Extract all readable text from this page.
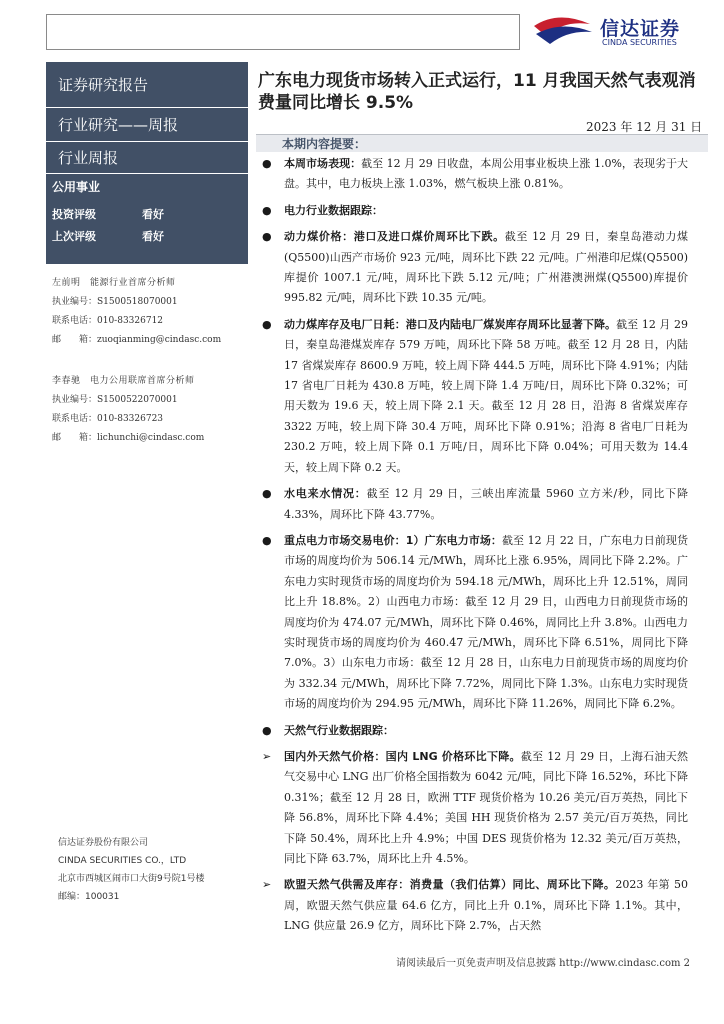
信达证券
CINDA SECURITIES
证券研究报告
行业研究——周报
行业周报
公用事业
投资评级	看好
上次评级	看好
左前明　能源行业首席分析师
执业编号：S1500518070001
联系电话：010-83326712
邮　　箱： zuoqianming@cindasc.com
李春驰　电力公用联席首席分析师
执业编号：S1500522070001
联系电话：010-83326723
邮　　箱： lichunchi@cindasc.com
信达证券股份有限公司
CINDA SECURITIES CO.，LTD
北京市西城区闹市口大街9号院1号楼
邮编：100031
广东电力现货市场转入正式运行，11 月我国天然气表观消费量同比增长 9.5%
2023 年 12 月 31 日
本期内容提要：
● 本周市场表现：截至 12 月 29 日收盘，本周公用事业板块上涨 1.0%，表现劣于大盘。其中，电力板块上涨 1.03%，燃气板块上涨 0.81%。
● 电力行业数据跟踪：
● 动力煤价格：港口及进口煤价周环比下跌。截至 12 月 29 日，秦皇岛港动力煤(Q5500)山西产市场价 923 元/吨，周环比下跌 22 元/吨。广州港印尼煤(Q5500)库提价 1007.1 元/吨，周环比下跌 5.12 元/吨；广州港澳洲煤(Q5500)库提价 995.82 元/吨，周环比下跌 10.35 元/吨。
● 动力煤库存及电厂日耗：港口及内陆电厂煤炭库存周环比显著下降。截至 12 月 29 日，秦皇岛港煤炭库存 579 万吨，周环比下降 58 万吨。截至 12 月 28 日，内陆 17 省煤炭库存 8600.9 万吨，较上周下降 444.5 万吨，周环比下降 4.91%；内陆 17 省电厂日耗为 430.8 万吨，较上周下降 1.4 万吨/日，周环比下降 0.32%；可用天数为 19.6 天，较上周下降 2.1 天。截至 12 月 28 日，沿海 8 省煤炭库存 3322 万吨，较上周下降 30.4 万吨，周环比下降 0.91%；沿海 8 省电厂日耗为 230.2 万吨，较上周下降 0.1 万吨/日，周环比下降 0.04%；可用天数为 14.4 天，较上周下降 0.2 天。
● 水电来水情况：截至 12 月 29 日，三峡出库流量 5960 立方米/秒，同比下降 4.33%，周环比下降 43.77%。
● 重点电力市场交易电价：1）广东电力市场：截至 12 月 22 日，广东电力日前现货市场的周度均价为 506.14 元/MWh，周环比上涨 6.95%，周同比下降 2.2%。广东电力实时现货市场的周度均价为 594.18 元/MWh，周环比上升 12.51%，周同比上升 18.8%。2）山西电力市场：截至 12 月 29 日，山西电力日前现货市场的周度均价为 474.07 元/MWh，周环比下降 0.46%，周同比上升 3.8%。山西电力实时现货市场的周度均价为 460.47 元/MWh，周环比下降 6.51%，周同比下降 7.0%。3）山东电力市场：截至 12 月 28 日，山东电力日前现货市场的周度均价为 332.34 元/MWh，周环比下降 7.72%，周同比下降 1.3%。山东电力实时现货市场的周度均价为 294.95 元/MWh，周环比下降 11.26%，周同比下降 6.2%。
● 天然气行业数据跟踪：
➢ 国内外天然气价格：国内 LNG 价格环比下降。截至 12 月 29 日，上海石油天然气交易中心 LNG 出厂价格全国指数为 6042 元/吨，同比下降 16.52%，环比下降 0.31%；截至 12 月 28 日，欧洲 TTF 现货价格为 10.26 美元/百万英热，同比下降 56.8%，周环比下降 4.4%；美国 HH 现货价格为 2.57 美元/百万英热，同比下降 50.4%，周环比上升 4.9%；中国 DES 现货价格为 12.32 美元/百万英热，同比下降 63.7%，周环比上升 4.5%。
➢ 欧盟天然气供需及库存：消费量（我们估算）同比、周环比下降。2023 年第 50 周，欧盟天然气供应量 64.6 亿方，同比上升 0.1%，周环比下降 1.1%。其中，LNG 供应量 26.9 亿方，周环比下降 2.7%，占天然
请阅读最后一页免责声明及信息披露 http://www.cindasc.com 2
